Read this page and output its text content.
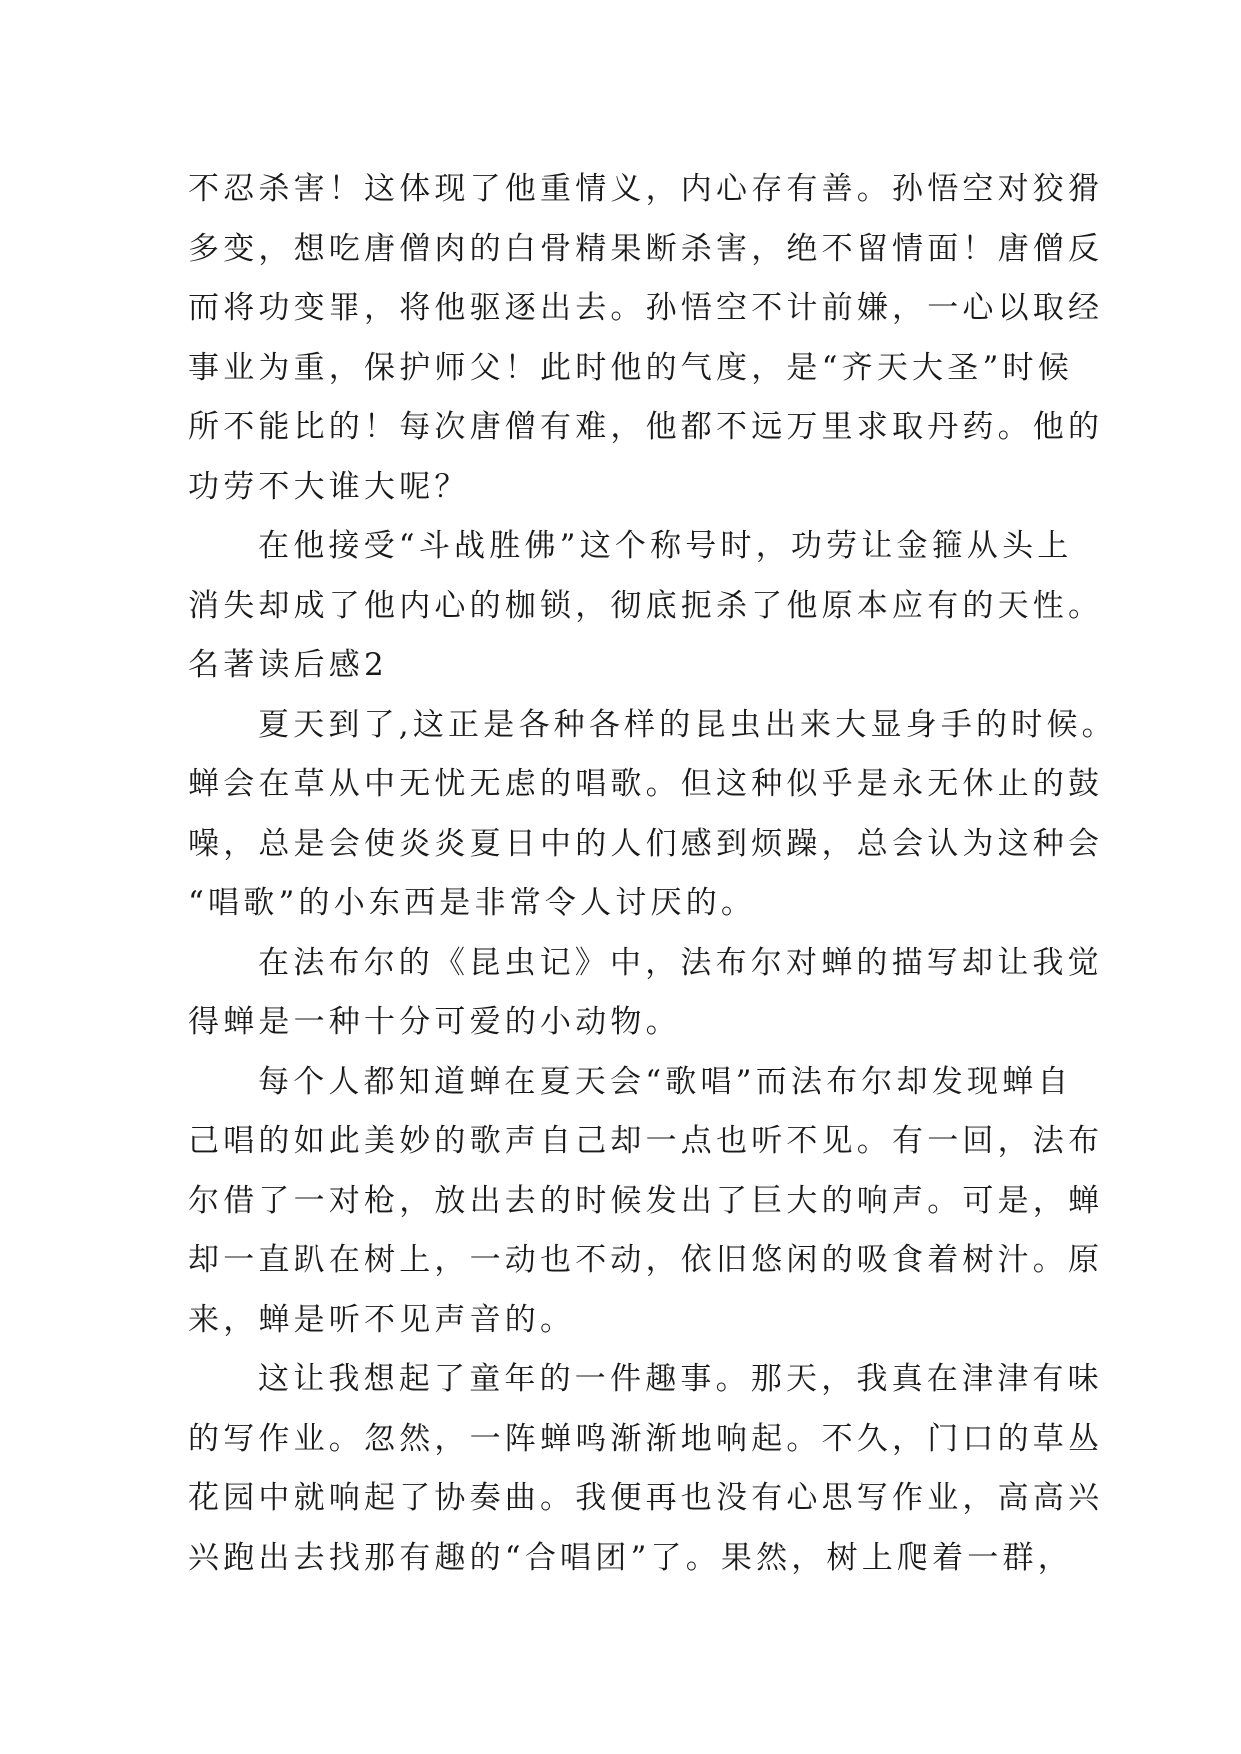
不忍杀害！这体现了他重情义，内心存有善。孙悟空对狡猾
多变，想吃唐僧肉的白骨精果断杀害，绝不留情面！唐僧反
而将功变罪，将他驱逐出去。孙悟空不计前嫌，一心以取经
事业为重，保护师父！此时他的气度，是“齐天大圣”时候
所不能比的！每次唐僧有难，他都不远万里求取丹药。他的
功劳不大谁大呢？
在他接受“斗战胜佛”这个称号时，功劳让金箍从头上
消失却成了他内心的枷锁，彻底扼杀了他原本应有的天性。
名著读后感2
夏天到了,这正是各种各样的昆虫出来大显身手的时候。
蝉会在草从中无忧无虑的唱歌。但这种似乎是永无休止的鼓
噪，总是会使炎炎夏日中的人们感到烦躁，总会认为这种会
“唱歌”的小东西是非常令人讨厌的。
在法布尔的《昆虫记》中，法布尔对蝉的描写却让我觉
得蝉是一种十分可爱的小动物。
每个人都知道蝉在夏天会“歌唱”而法布尔却发现蝉自
己唱的如此美妙的歌声自己却一点也听不见。有一回，法布
尔借了一对枪，放出去的时候发出了巨大的响声。可是，蝉
却一直趴在树上，一动也不动，依旧悠闲的吸食着树汁。原
来，蝉是听不见声音的。
这让我想起了童年的一件趣事。那天，我真在津津有味
的写作业。忽然，一阵蝉鸣渐渐地响起。不久，门口的草丛
花园中就响起了协奏曲。我便再也没有心思写作业，高高兴
兴跑出去找那有趣的“合唱团”了。果然，树上爬着一群，
